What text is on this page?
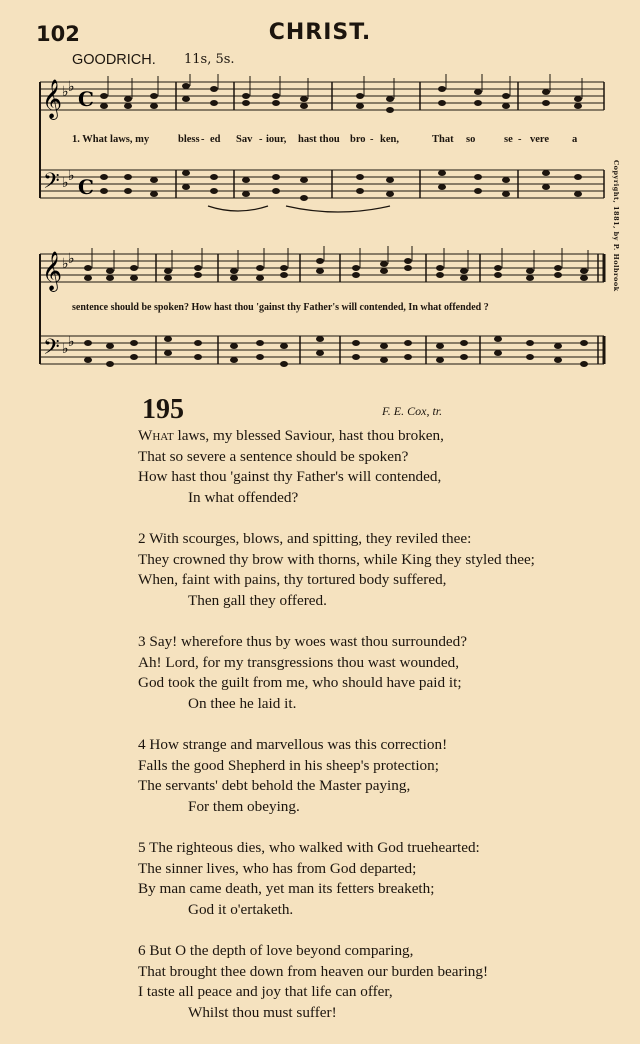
102	CHRIST.
GOODRICH. 11s, 5s.
𝄞
𝄢
♭ ♭
♭ ♭
C
C
1. What laws, my	bless - ed Sav - iour, hast thou bro - ken,	That so	se - vere a
𝄞
𝄢
♭ ♭
♭ ♭
sentence should be spoken? How hast thou 'gainst thy Father's will contended, In what offended ?
Copyright, 1881, by P. Holbrook
195	F. E. Cox, tr.
What laws, my blessed Saviour, hast thou broken,
That so severe a sentence should be spoken?
How hast thou 'gainst thy Father's will contended,
In what offended?
2 With scourges, blows, and spitting, they reviled thee:
They crowned thy brow with thorns, while King they styled thee;
When, faint with pains, thy tortured body suffered,
Then gall they offered.
3 Say! wherefore thus by woes wast thou surrounded?
Ah! Lord, for my transgressions thou wast wounded,
God took the guilt from me, who should have paid it;
On thee he laid it.
4 How strange and marvellous was this correction!
Falls the good Shepherd in his sheep's protection;
The servants' debt behold the Master paying,
For them obeying.
5 The righteous dies, who walked with God truehearted:
The sinner lives, who has from God departed;
By man came death, yet man its fetters breaketh;
God it o'ertaketh.
6 But O the depth of love beyond comparing,
That brought thee down from heaven our burden bearing!
I taste all peace and joy that life can offer,
Whilst thou must suffer!
